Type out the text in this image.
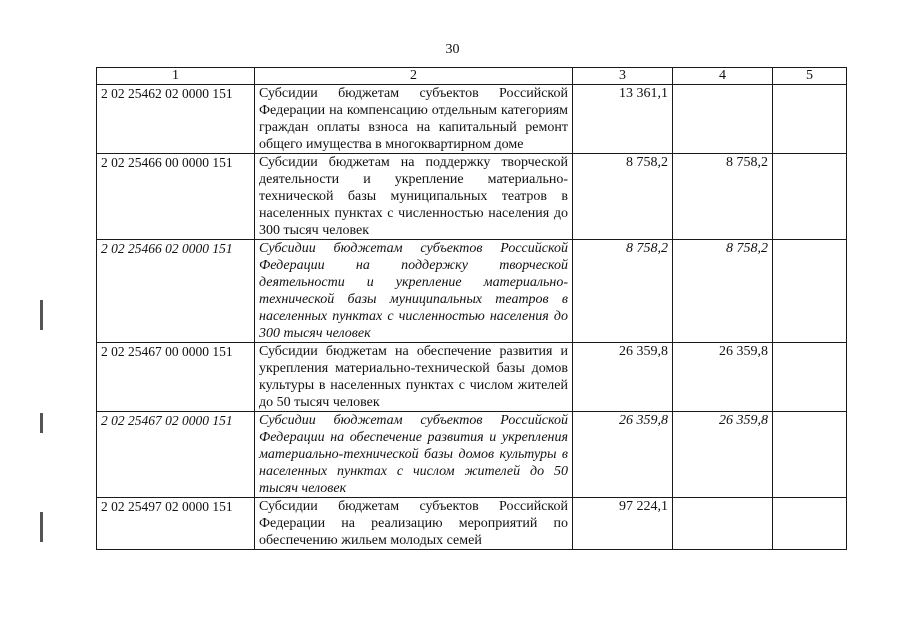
30
1	2	3	4	5
2 02 25462 02 0000 151	Субсидии бюджетам субъектов Российской Федерации на компенсацию отдельным категориям граждан оплаты взноса на капитальный ремонт общего имущества в многоквартирном доме	13 361,1		
2 02 25466 00 0000 151	Субсидии бюджетам на поддержку творческой деятельности и укрепление материально-технической базы муниципальных театров в населенных пунктах с численностью населения до 300 тысяч человек	8 758,2	8 758,2	
2 02 25466 02 0000 151	Субсидии бюджетам субъектов Российской Федерации на поддержку творческой деятельности и укрепление материально-технической базы муниципальных театров в населенных пунктах с численностью населения до 300 тысяч человек	8 758,2	8 758,2	
2 02 25467 00 0000 151	Субсидии бюджетам на обеспечение развития и укрепления материально-технической базы домов культуры в населенных пунктах с числом жителей до 50 тысяч человек	26 359,8	26 359,8	
2 02 25467 02 0000 151	Субсидии бюджетам субъектов Российской Федерации на обеспечение развития и укрепления материально-технической базы домов культуры в населенных пунктах с числом жителей до 50 тысяч человек	26 359,8	26 359,8	
2 02 25497 02 0000 151	Субсидии бюджетам субъектов Российской Федерации на реализацию мероприятий по обеспечению жильем молодых семей	97 224,1		
